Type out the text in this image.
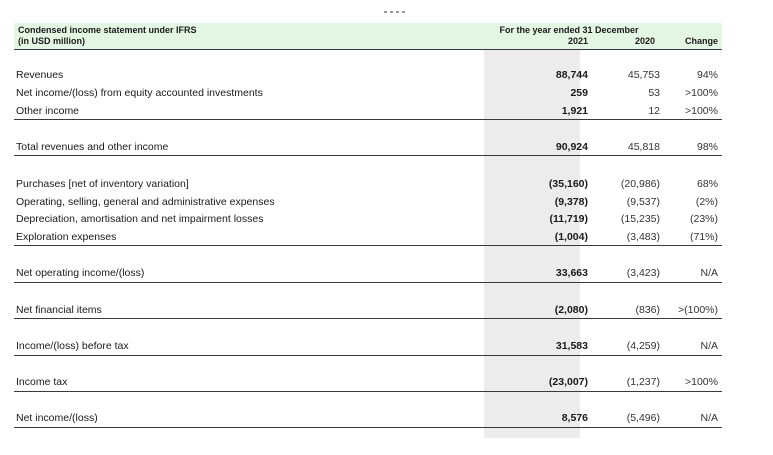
Condensed income statement under IFRS
(in USD million)
For the year ended 31 December
2021	2020	Change
Revenues	88,744	45,753	94%
Net income/(loss) from equity accounted investments	259	53	>100%
Other income	1,921	12	>100%
Total revenues and other income	90,924	45,818	98%
Purchases [net of inventory variation]	(35,160)	(20,986)	68%
Operating, selling, general and administrative expenses	(9,378)	(9,537)	(2%)
Depreciation, amortisation and net impairment losses	(11,719)	(15,235)	(23%)
Exploration expenses	(1,004)	(3,483)	(71%)
Net operating income/(loss)	33,663	(3,423)	N/A
Net financial items	(2,080)	(836)	>(100%)
Income/(loss) before tax	31,583	(4,259)	N/A
Income tax	(23,007)	(1,237)	>100%
Net income/(loss)	8,576	(5,496)	N/A
